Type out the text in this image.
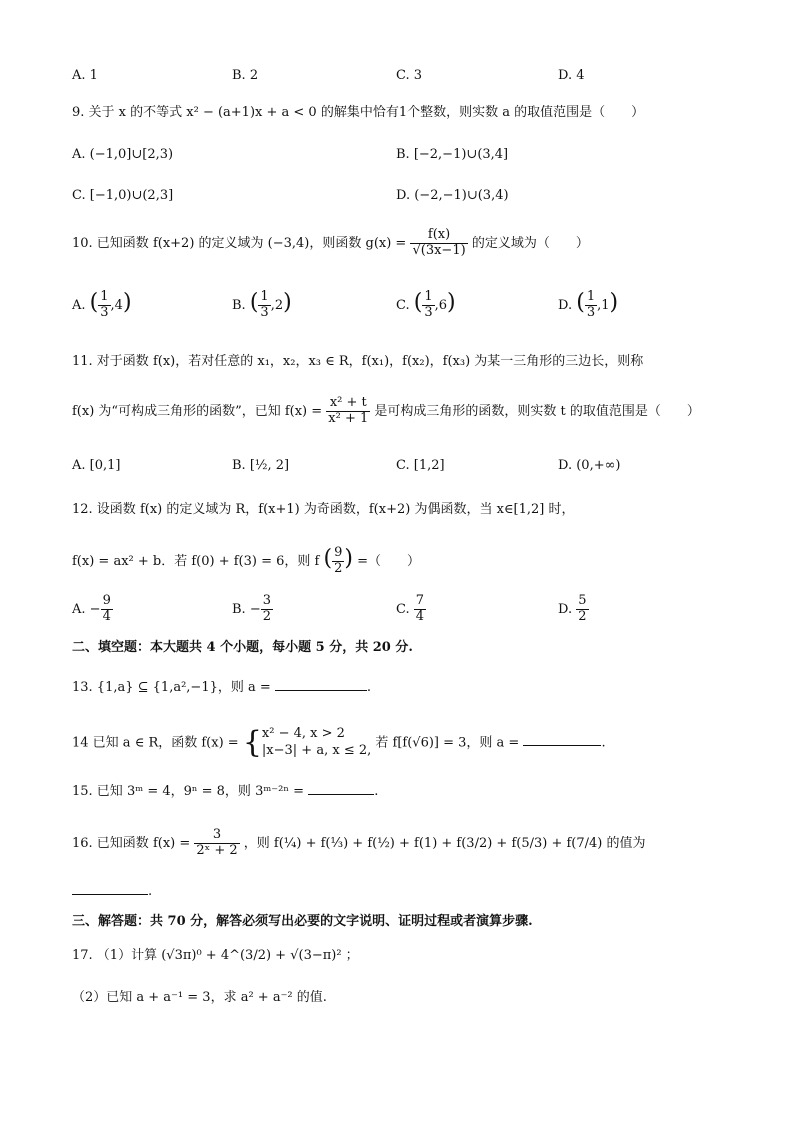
A. 1	B. 2	C. 3	D. 4
9. 关于 x 的不等式 x² − (a+1)x + a < 0 的解集中恰有1个整数，则实数 a 的取值范围是（　　）
A. (−1,0]∪[2,3)	B. [−2,−1)∪(3,4]
C. [−1,0)∪(2,3]	D. (−2,−1)∪(3,4)
10. 已知函数 f(x+2) 的定义域为 (−3,4)，则函数 $g(x) = \frac{f(x)}{√(3x-1)}$ 的定义域为（　　）
A. ( $\frac{1}{3} ,4$)	B. ( $\frac{1}{3} ,2$)	C. ( $\frac{1}{3} ,6$)	D. ( $\frac{1}{3} ,1$)
11. 对于函数 f(x)，若对任意的 x₁，x₂，x₃ ∈ R，f(x₁)，f(x₂)，f(x₃) 为某一三角形的三边长，则称
f(x) 为“可构成三角形的函数”，已知 $f(x) = \frac{\text{x² + t}}{\text{x² + 1}}$ 是可构成三角形的函数，则实数 t 的取值范围是（　　）
A. [0,1]	B. [½, 2]	C. [1,2]	D. (0,+∞)
12. 设函数 f(x) 的定义域为 R，f(x+1) 为奇函数，f(x+2) 为偶函数，当 x∈[1,2] 时，
f(x) = ax² + b．若 f(0) + f(3) = 6，则 f ( $\frac{9}{2}$ ) =（　　）
A. − $\frac{9}{4}$	B. − $\frac{3}{2}$	C. $\frac{7}{4}$	D. $\frac{5}{2}$
二、填空题：本大题共 4 个小题，每小题 5 分，共 20 分.
13. {1,a} ⊆ {1,a²,−1}，则 a =	.
14 已知 a ∈ R，函数 f(x) = { x² − 4, x > 2
|x−3| + a, x ≤ 2, 若 f[f(√6)] = 3，则 a =	.
15. 已知 3ᵐ = 4，9ⁿ = 8，则 3ᵐ⁻²ⁿ =	.
16. 已知函数 $f(x) = \frac{3}{\text{2ˣ + 2}}$ ，则 f(¼) + f(⅓) + f(½) + f(1) + f(3/2) + f(5/3) + f(7/4) 的值为
.
三、解答题：共 70 分，解答必须写出必要的文字说明、证明过程或者演算步骤.
17. （1）计算 (√3π)⁰ + 4^(3/2) + √(3−π)² ；
（2）已知 a + a⁻¹ = 3，求 a² + a⁻² 的值.
